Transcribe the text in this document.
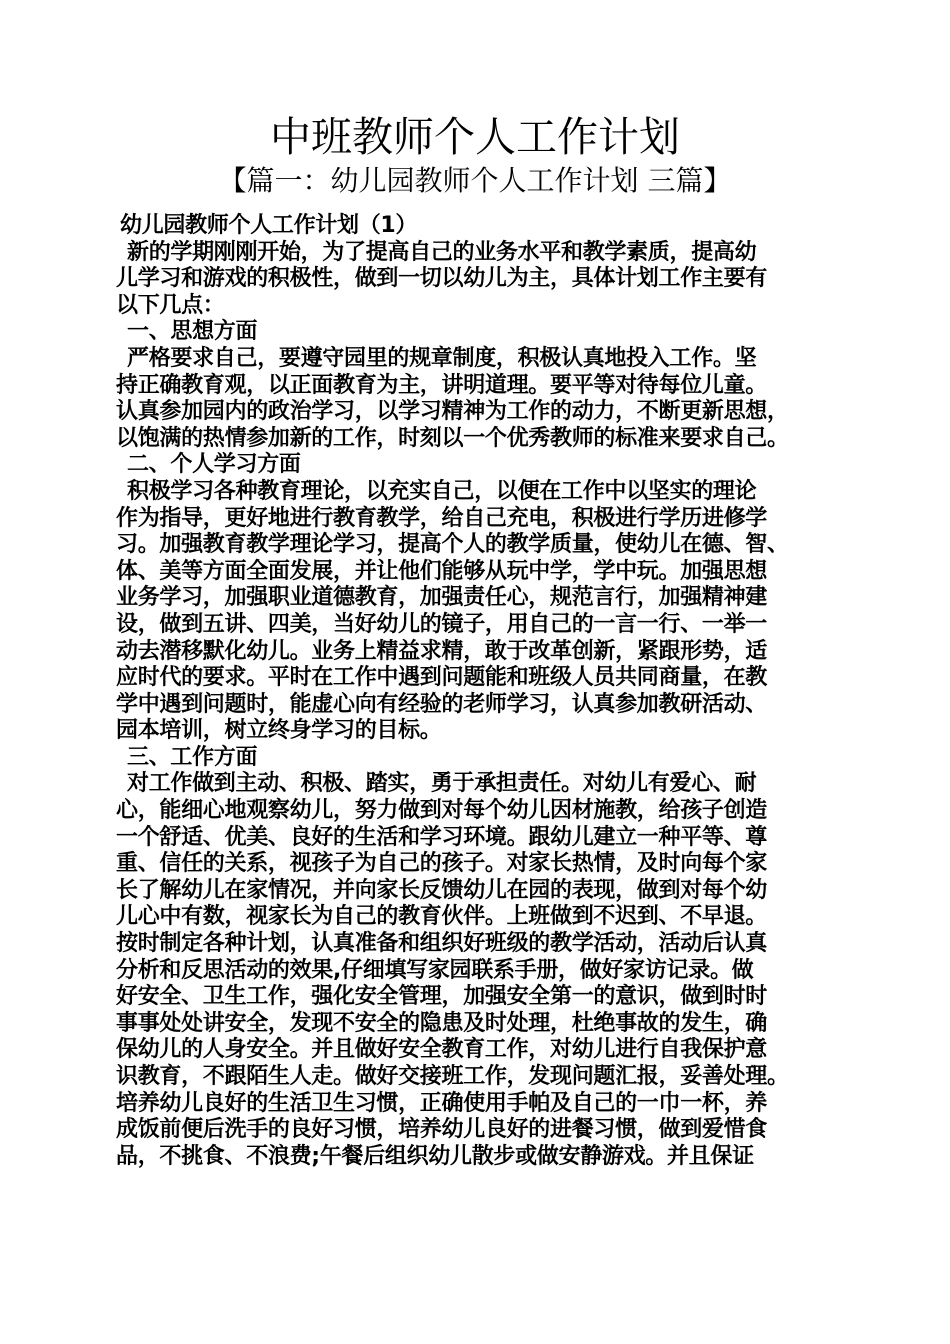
中班教师个人工作计划
【篇一：幼儿园教师个人工作计划 三篇】

幼儿园教师个人工作计划（1）

新的学期刚刚开始，为了提高自己的业务水平和教学素质，提高幼

儿学习和游戏的积极性，做到一切以幼儿为主，具体计划工作主要有

以下几点：

一、思想方面

严格要求自己，要遵守园里的规章制度，积极认真地投入工作。坚

持正确教育观，以正面教育为主，讲明道理。要平等对待每位儿童。

认真参加园内的政治学习，以学习精神为工作的动力，不断更新思想，

以饱满的热情参加新的工作，时刻以一个优秀教师的标准来要求自己。

二、个人学习方面

积极学习各种教育理论，以充实自己，以便在工作中以坚实的理论

作为指导，更好地进行教育教学，给自己充电，积极进行学历进修学

习。加强教育教学理论学习，提高个人的教学质量，使幼儿在德、智、

体、美等方面全面发展，并让他们能够从玩中学，学中玩。加强思想

业务学习，加强职业道德教育，加强责任心，规范言行，加强精神建

设，做到五讲、四美，当好幼儿的镜子，用自己的一言一行、一举一

动去潜移默化幼儿。业务上精益求精，敢于改革创新，紧跟形势，适

应时代的要求。平时在工作中遇到问题能和班级人员共同商量，在教

学中遇到问题时，能虚心向有经验的老师学习，认真参加教研活动、

园本培训，树立终身学习的目标。

三、工作方面

对工作做到主动、积极、踏实，勇于承担责任。对幼儿有爱心、耐

心，能细心地观察幼儿，努力做到对每个幼儿因材施教，给孩子创造

一个舒适、优美、良好的生活和学习环境。跟幼儿建立一种平等、尊

重、信任的关系，视孩子为自己的孩子。对家长热情，及时向每个家

长了解幼儿在家情况，并向家长反馈幼儿在园的表现，做到对每个幼

儿心中有数，视家长为自己的教育伙伴。上班做到不迟到、不早退。

按时制定各种计划，认真准备和组织好班级的教学活动，活动后认真

分析和反思活动的效果,仔细填写家园联系手册，做好家访记录。做

好安全、卫生工作，强化安全管理，加强安全第一的意识，做到时时

事事处处讲安全，发现不安全的隐患及时处理，杜绝事故的发生，确

保幼儿的人身安全。并且做好安全教育工作，对幼儿进行自我保护意

识教育，不跟陌生人走。做好交接班工作，发现问题汇报，妥善处理。

培养幼儿良好的生活卫生习惯，正确使用手帕及自己的一巾一杯，养

成饭前便后洗手的良好习惯，培养幼儿良好的进餐习惯，做到爱惜食

品，不挑食、不浪费;午餐后组织幼儿散步或做安静游戏。并且保证
